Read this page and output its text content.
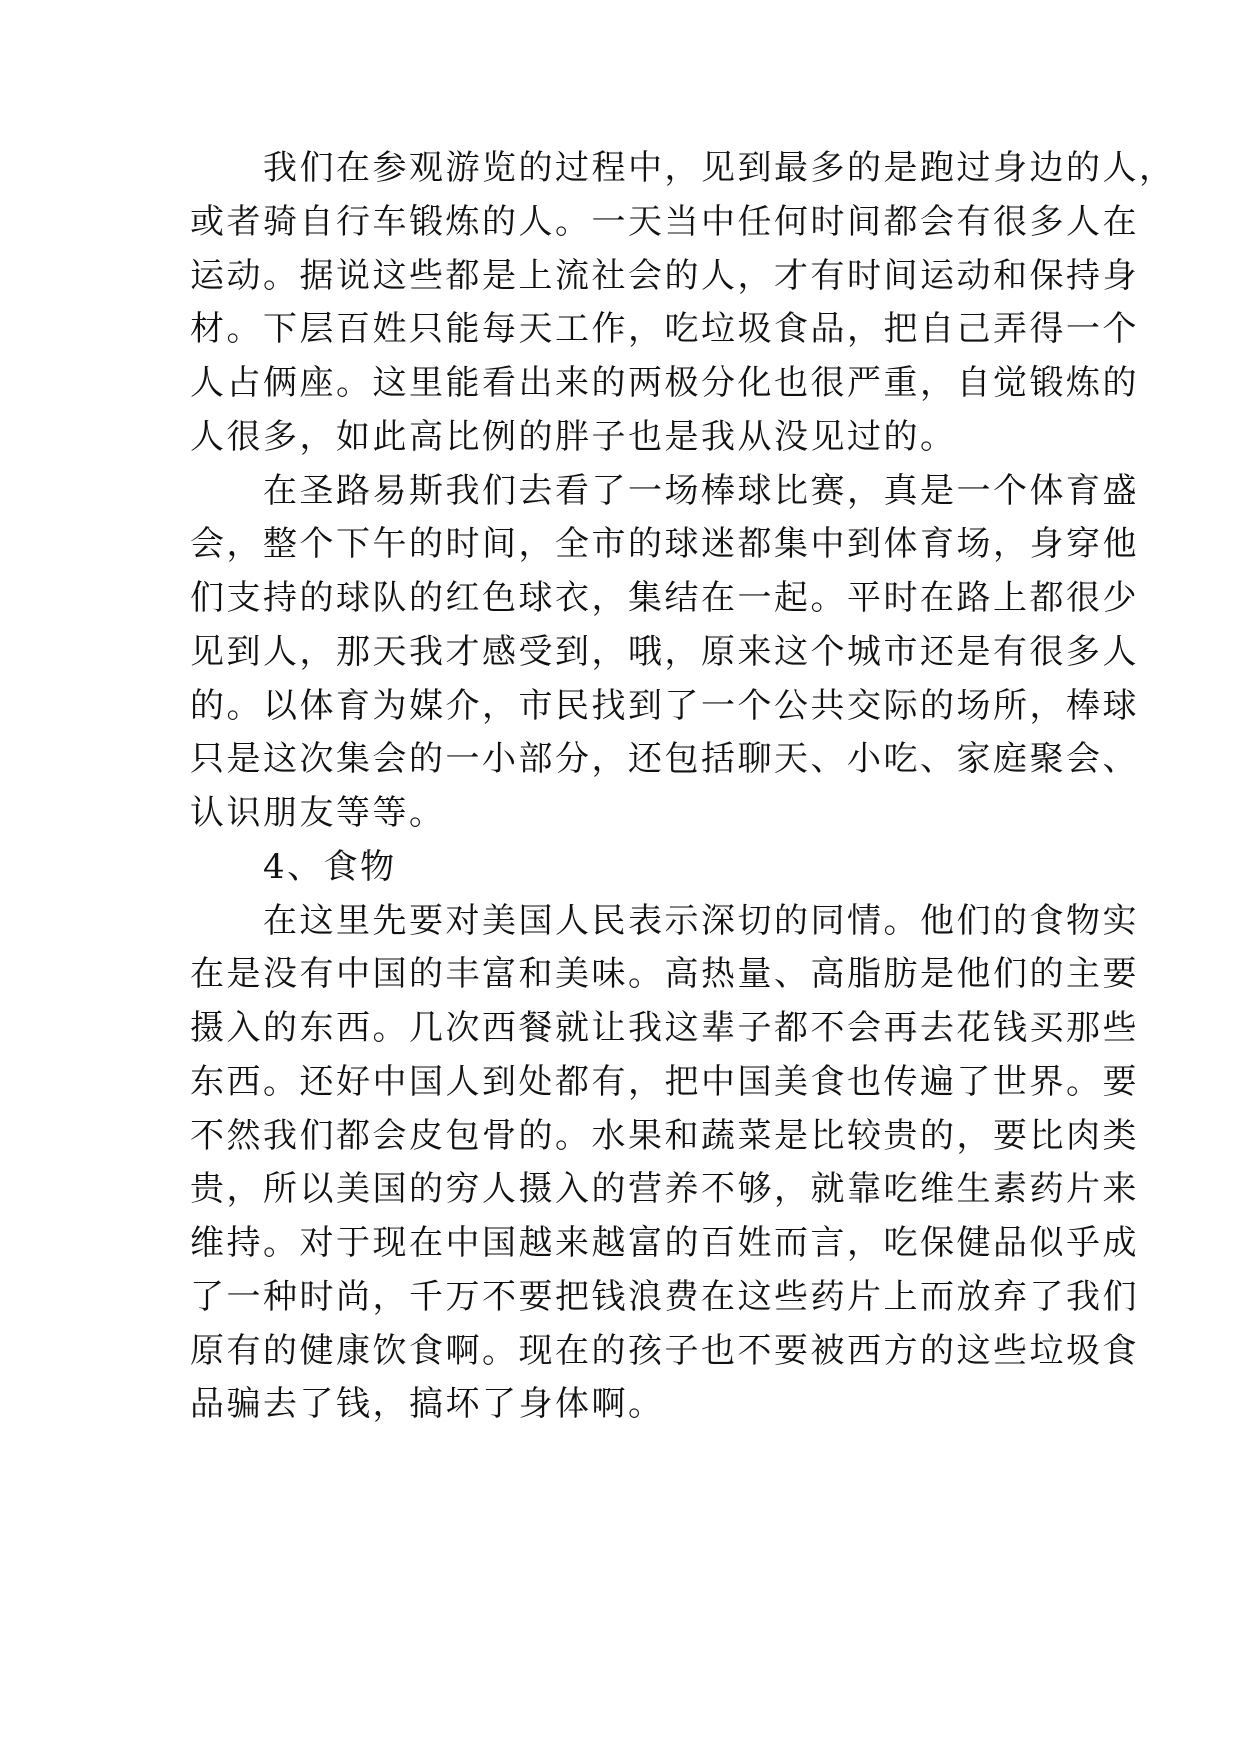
　　我们在参观游览的过程中，见到最多的是跑过身边的人，
或者骑自行车锻炼的人。一天当中任何时间都会有很多人在
运动。据说这些都是上流社会的人，才有时间运动和保持身
材。下层百姓只能每天工作，吃垃圾食品，把自己弄得一个
人占俩座。这里能看出来的两极分化也很严重，自觉锻炼的
人很多，如此高比例的胖子也是我从没见过的。
　　在圣路易斯我们去看了一场棒球比赛，真是一个体育盛
会，整个下午的时间，全市的球迷都集中到体育场，身穿他
们支持的球队的红色球衣，集结在一起。平时在路上都很少
见到人，那天我才感受到，哦，原来这个城市还是有很多人
的。以体育为媒介，市民找到了一个公共交际的场所，棒球
只是这次集会的一小部分，还包括聊天、小吃、家庭聚会、
认识朋友等等。
　　4、食物
　　在这里先要对美国人民表示深切的同情。他们的食物实
在是没有中国的丰富和美味。高热量、高脂肪是他们的主要
摄入的东西。几次西餐就让我这辈子都不会再去花钱买那些
东西。还好中国人到处都有，把中国美食也传遍了世界。要
不然我们都会皮包骨的。水果和蔬菜是比较贵的，要比肉类
贵，所以美国的穷人摄入的营养不够，就靠吃维生素药片来
维持。对于现在中国越来越富的百姓而言，吃保健品似乎成
了一种时尚，千万不要把钱浪费在这些药片上而放弃了我们
原有的健康饮食啊。现在的孩子也不要被西方的这些垃圾食
品骗去了钱，搞坏了身体啊。
